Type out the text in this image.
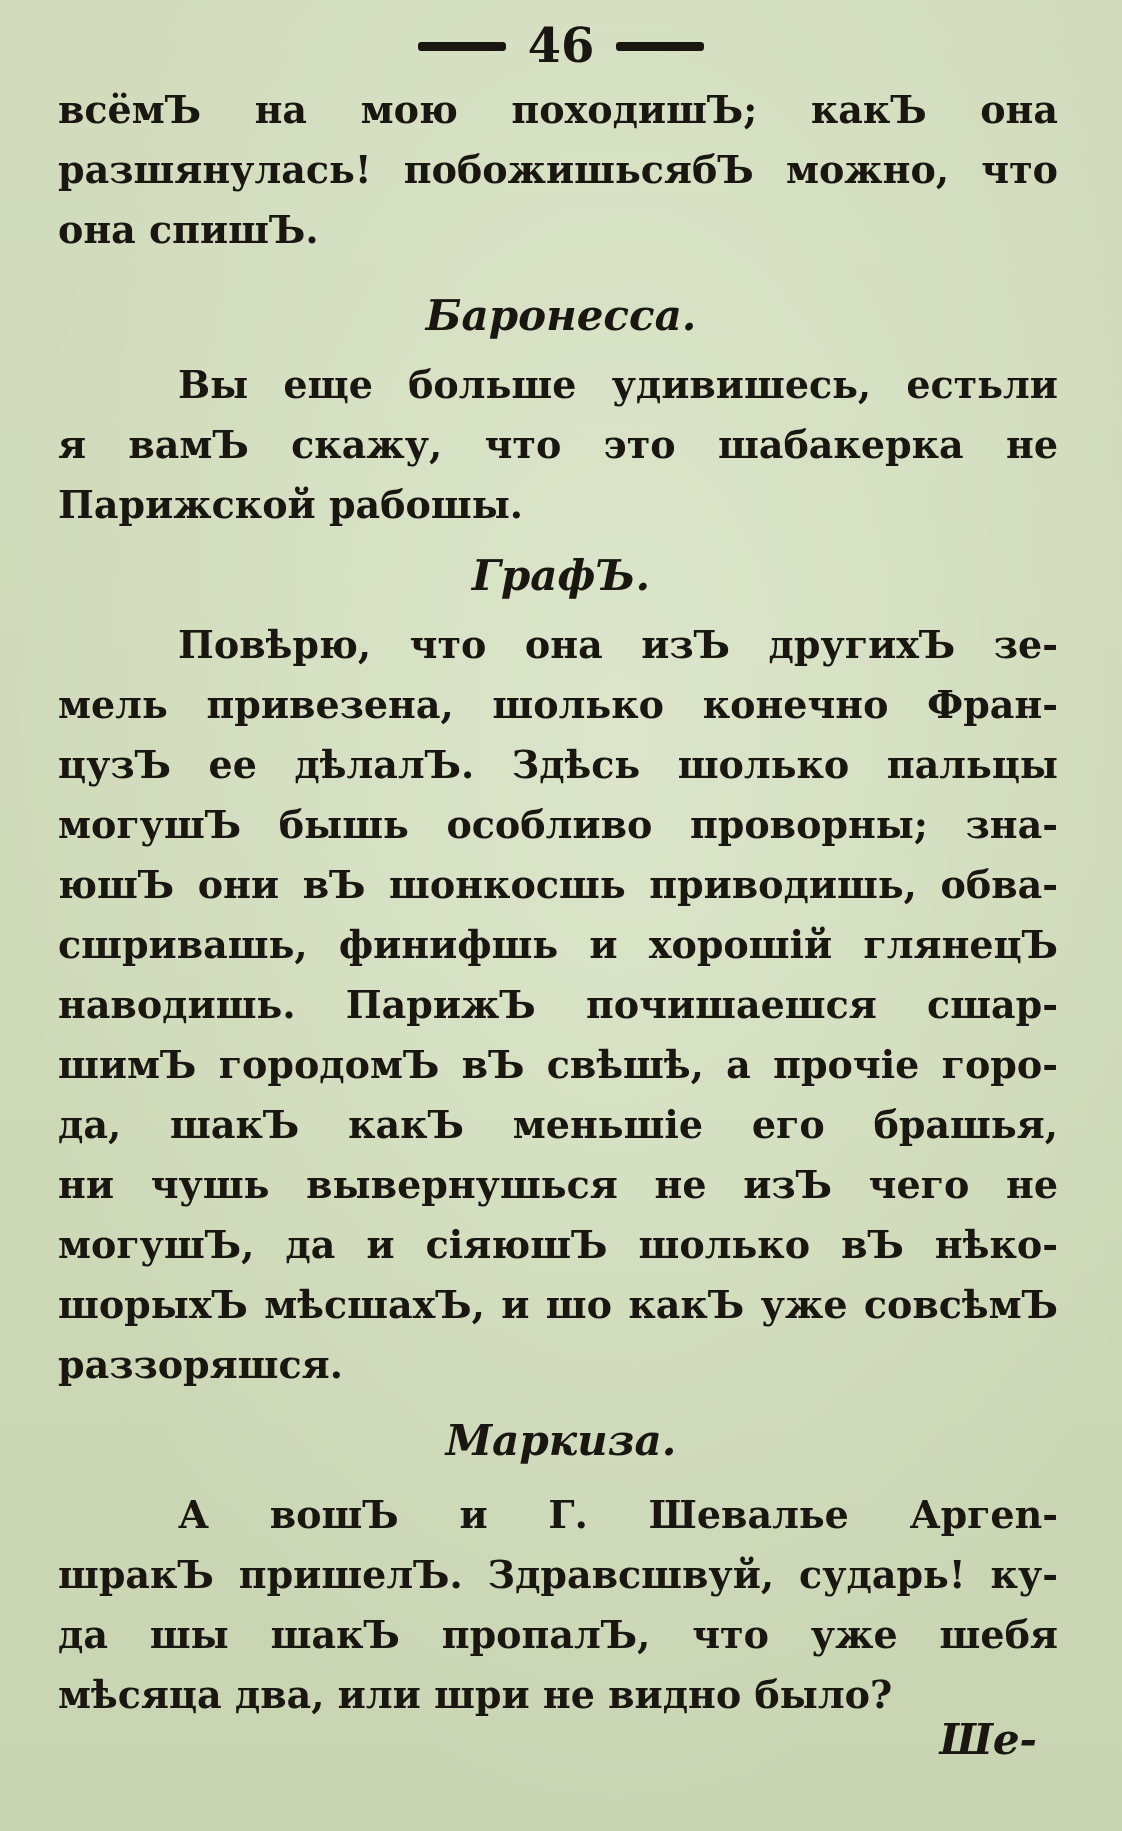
46
всёмЪ на мою походишЪ; какЪ она
разшянулась! побожишьсябЪ можно, что
она спишЪ.
Баронесса.
Вы еще больше удивишесь, естьли
я вамЪ скажу, что это шабакерка не
Парижской рабошы.
ГрафЪ.
Повѣрю, что она изЪ другихЪ зе-
мель привезена, шолько конечно Фран-
цузЪ ее дѣлалЪ. Здѣсь шолько пальцы
могушЪ бышь особливо проворны; зна-
юшЪ они вЪ шонкосшь приводишь, обва-
сшривашь, финифшь и хорошій глянецЪ
наводишь. ПарижЪ почишаешся сшар-
шимЪ городомЪ вЪ свѣшѣ, а прочіе горо-
да, шакЪ какЪ меньшіе его брашья,
ни чушь вывернушься не изЪ чего не
могушЪ, да и сіяюшЪ шолько вЪ нѣко-
шорыхЪ мѣсшахЪ, и шо какЪ уже совсѣмЪ
раззоряшся.
Маркиза.
А вошЪ и Г. Шевалье Аргеn-
шракЪ пришелЪ. Здравсшвуй, сударь! ку-
да шы шакЪ пропалЪ, что уже шебя
мѣсяца два, или шри не видно было?
Ше-
